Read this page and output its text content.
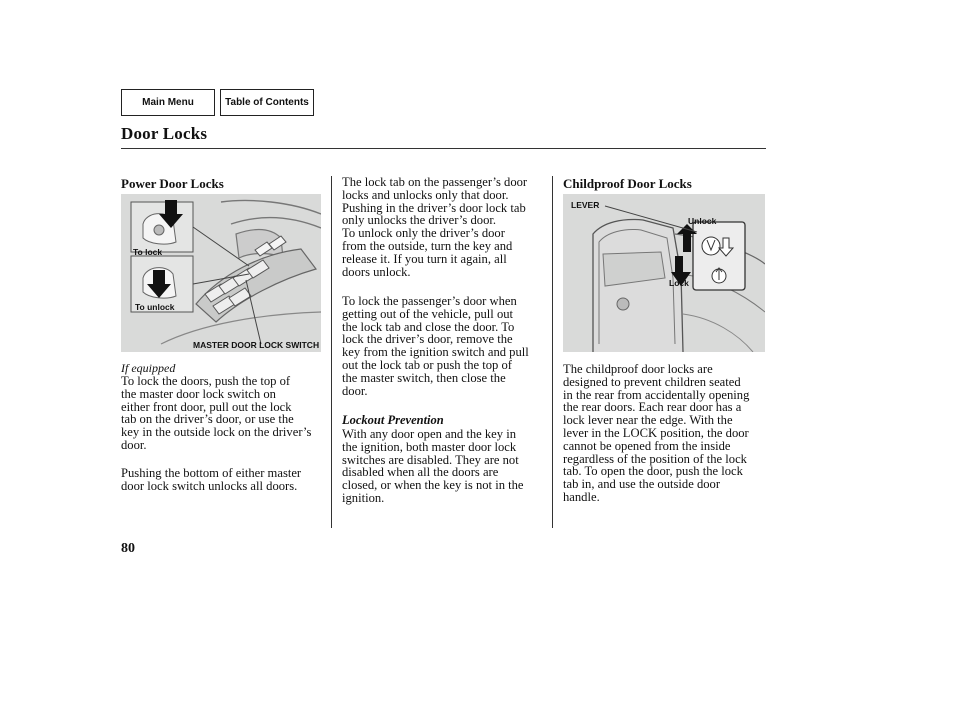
Main Menu	Table of Contents
Door Locks
Power Door Locks
To lock
To unlock
MASTER DOOR LOCK SWITCH
If equipped
To lock the doors, push the top of
the master door lock switch on
either front door, pull out the lock
tab on the driver’s door, or use the
key in the outside lock on the driver’s
door.
Pushing the bottom of either master
door lock switch unlocks all doors.
The lock tab on the passenger’s door
locks and unlocks only that door.
Pushing in the driver’s door lock tab
only unlocks the driver’s door.
To unlock only the driver’s door
from the outside, turn the key and
release it. If you turn it again, all
doors unlock.
To lock the passenger’s door when
getting out of the vehicle, pull out
the lock tab and close the door. To
lock the driver’s door, remove the
key from the ignition switch and pull
out the lock tab or push the top of
the master switch, then close the
door.
Lockout Prevention
With any door open and the key in
the ignition, both master door lock
switches are disabled. They are not
disabled when all the doors are
closed, or when the key is not in the
ignition.
Childproof Door Locks
LEVER
Unlock
Lock
The childproof door locks are
designed to prevent children seated
in the rear from accidentally opening
the rear doors. Each rear door has a
lock lever near the edge. With the
lever in the LOCK position, the door
cannot be opened from the inside
regardless of the position of the lock
tab. To open the door, push the lock
tab in, and use the outside door
handle.
80
